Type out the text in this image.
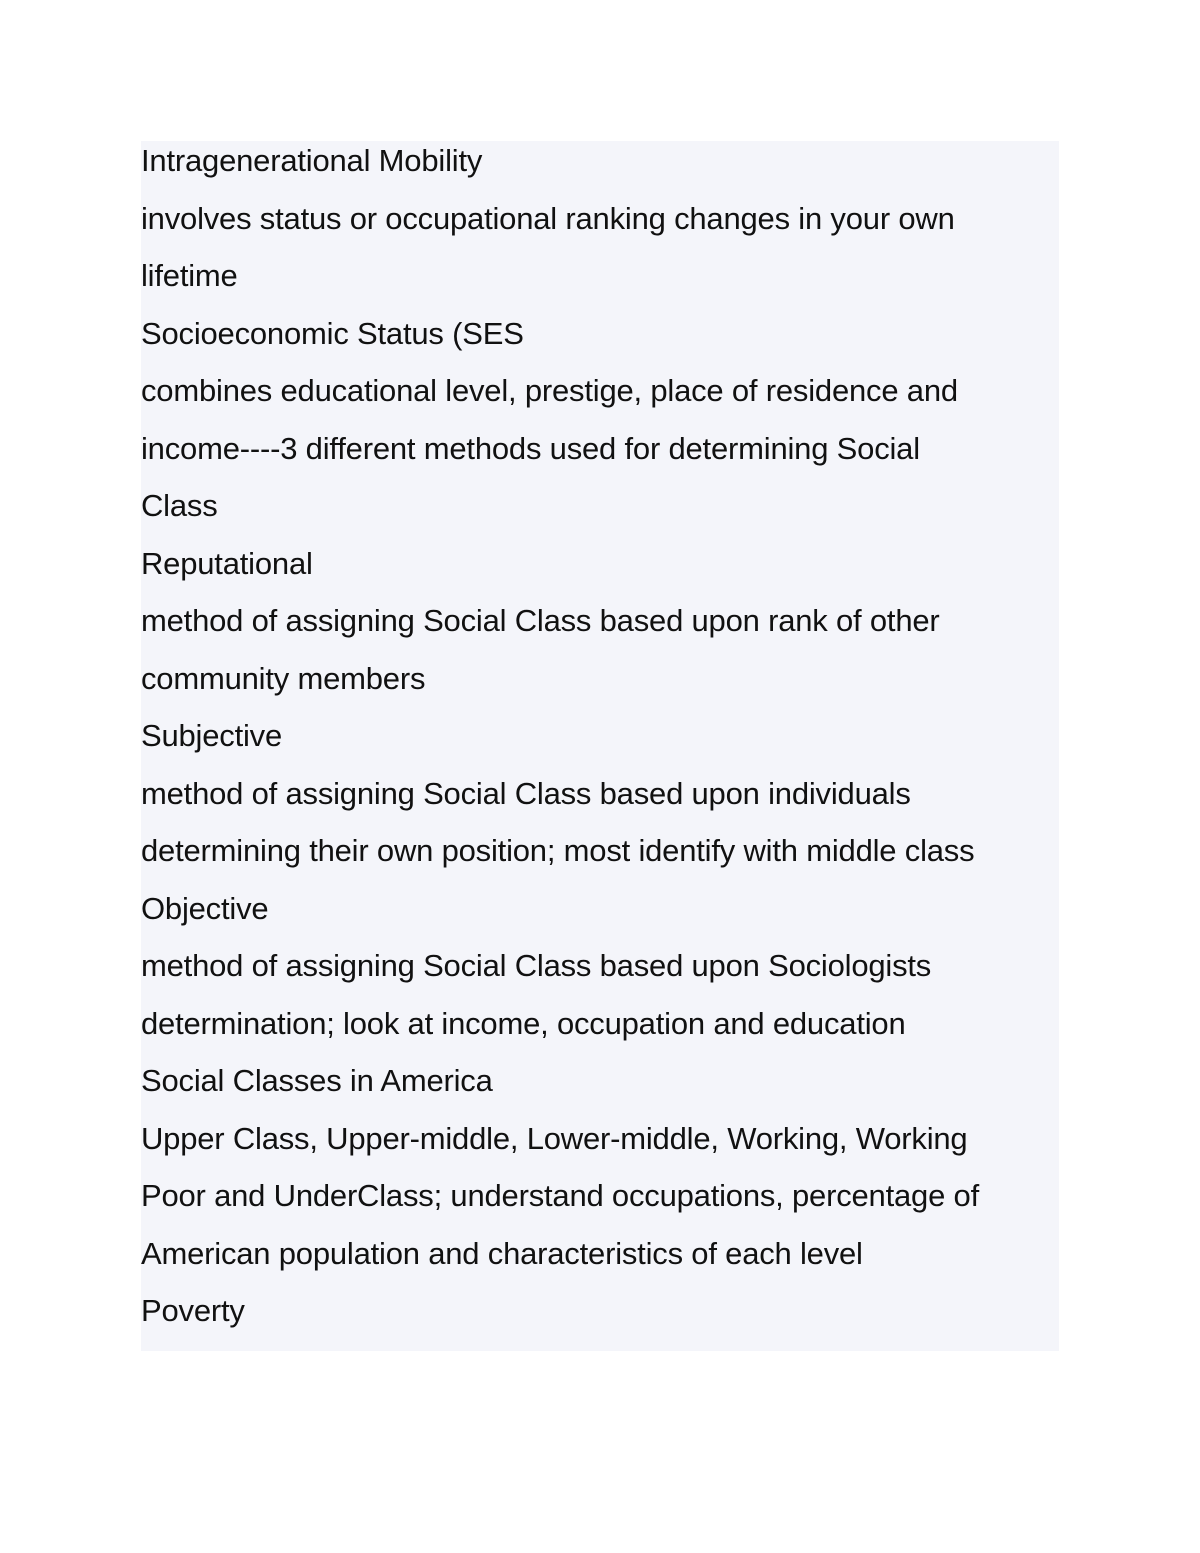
Intragenerational Mobility
involves status or occupational ranking changes in your own
lifetime
Socioeconomic Status (SES
combines educational level, prestige, place of residence and
income----3 different methods used for determining Social
Class
Reputational
method of assigning Social Class based upon rank of other
community members
Subjective
method of assigning Social Class based upon individuals
determining their own position; most identify with middle class
Objective
method of assigning Social Class based upon Sociologists
determination; look at income, occupation and education
Social Classes in America
Upper Class, Upper-middle, Lower-middle, Working, Working
Poor and UnderClass; understand occupations, percentage of
American population and characteristics of each level
Poverty
